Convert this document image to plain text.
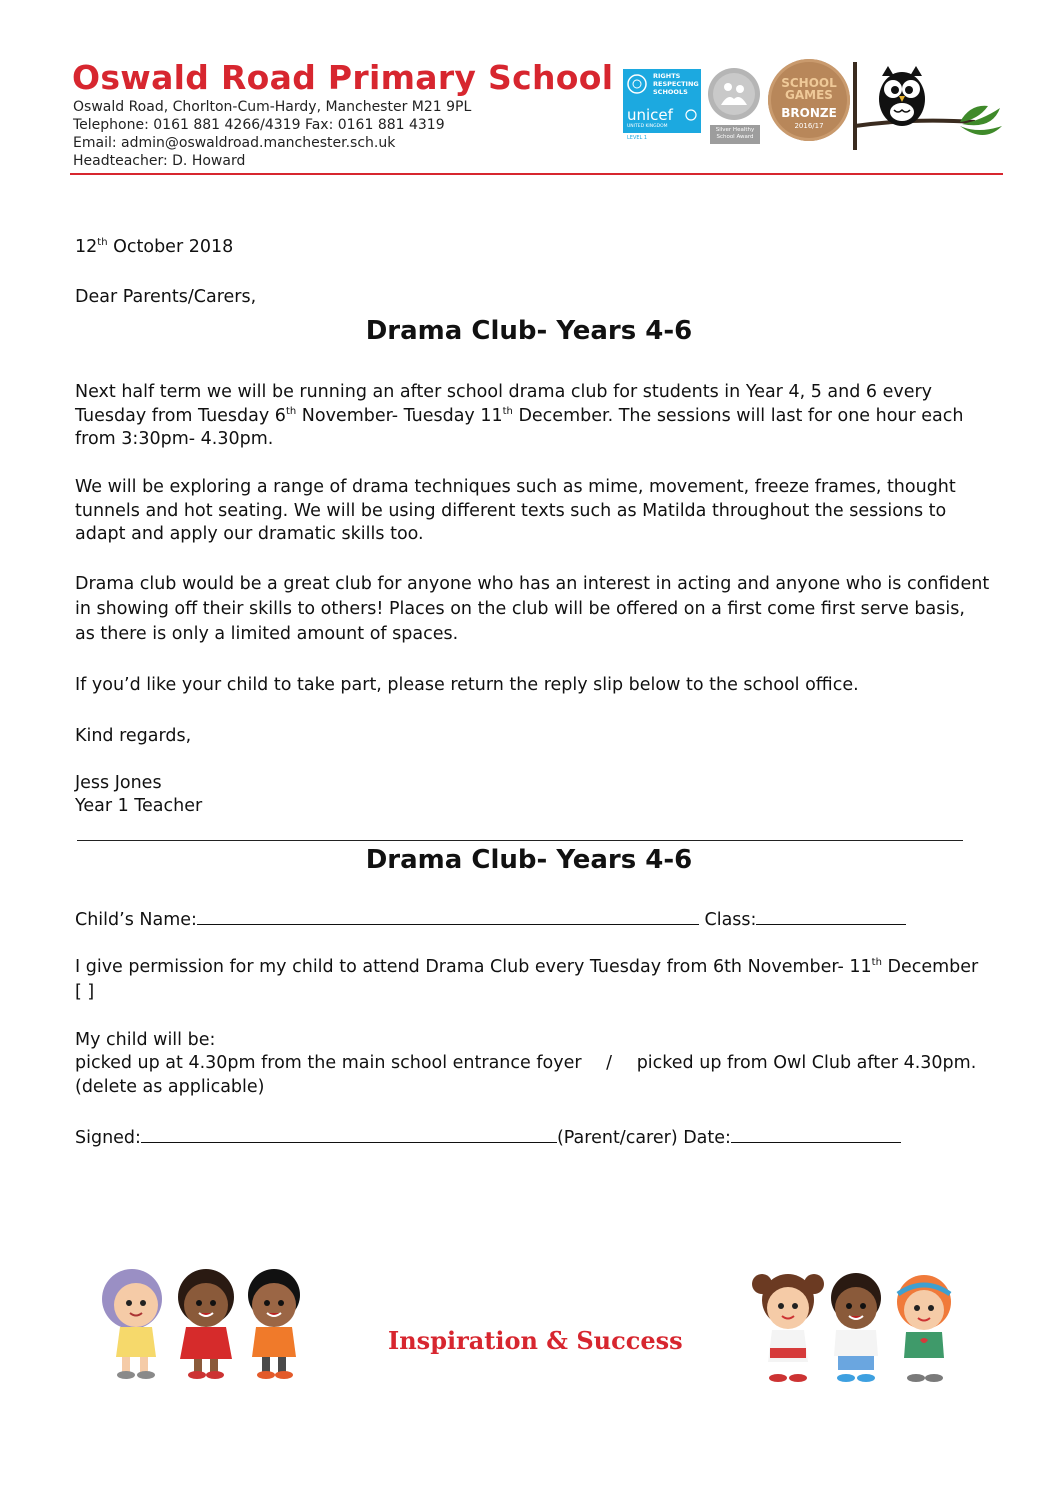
Oswald Road Primary School
Oswald Road, Chorlton-Cum-Hardy, Manchester M21 9PL
Telephone: 0161 881 4266/4319 Fax: 0161 881 4319
Email: admin@oswaldroad.manchester.sch.uk
Headteacher: D. Howard
RIGHTS
RESPECTING
SCHOOLS
unicef
UNITED KINGDOM
LEVEL 1
Silver Healthy School Award
SCHOOL
GAMES
BRONZE
2016/17
12th October 2018
Dear Parents/Carers,
Drama Club- Years 4-6

Next half term we will be running an after school drama club for students in Year 4, 5 and 6 every Tuesday from Tuesday 6th November- Tuesday 11th December. The sessions will last for one hour each from 3:30pm- 4.30pm.

We will be exploring a range of drama techniques such as mime, movement, freeze frames, thought tunnels and hot seating. We will be using different texts such as Matilda throughout the sessions to adapt and apply our dramatic skills too.
Drama club would be a great club for anyone who has an interest in acting and anyone who is confident in showing off their skills to others! Places on the club will be offered on a first come first serve basis, as there is only a limited amount of spaces.
If you’d like your child to take part, please return the reply slip below to the school office.
Kind regards,
Jess Jones
Year 1 Teacher
Drama Club- Years 4-6
Child’s Name:	Class:
I give permission for my child to attend Drama Club every Tuesday from 6th November- 11th December
[ ]
My child will be:
picked up at 4.30pm from the main school entrance foyer / picked up from Owl Club after 4.30pm.
(delete as applicable)
Signed:	(Parent/carer) Date:
Inspiration & Success
